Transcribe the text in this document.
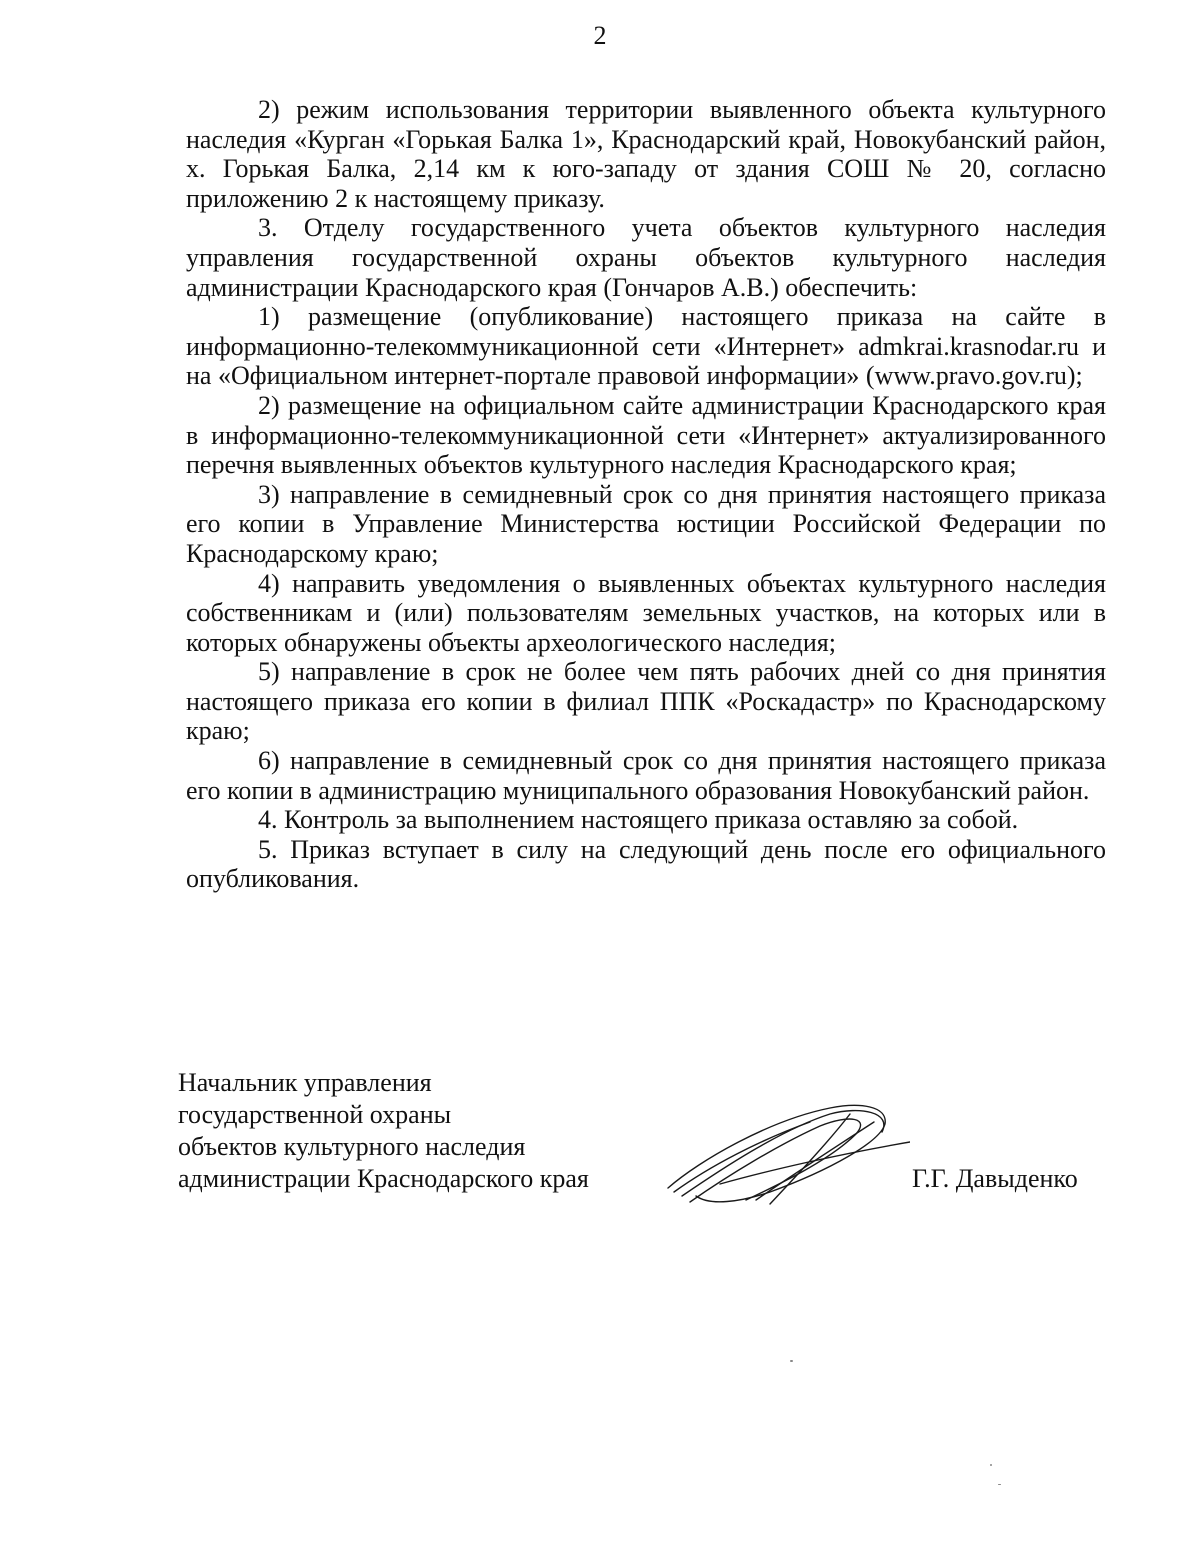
2

2) режим использования территории выявленного объекта культурного наследия «Курган «Горькая Балка 1», Краснодарский край, Новокубанский район, х. Горькая Балка, 2,14 км к юго-западу от здания СОШ № 20, согласно приложению 2 к настоящему приказу.

3. Отделу государственного учета объектов культурного наследия управления государственной охраны объектов культурного наследия администрации Краснодарского края (Гончаров А.В.) обеспечить:

1) размещение (опубликование) настоящего приказа на сайте в информационно-телекоммуникационной сети «Интернет» admkrai.krasnodar.ru и на «Официальном интернет-портале правовой информации» (www.pravo.gov.ru);

2) размещение на официальном сайте администрации Краснодарского края в информационно-телекоммуникационной сети «Интернет» актуализированного перечня выявленных объектов культурного наследия Краснодарского края;

3) направление в семидневный срок со дня принятия настоящего приказа его копии в Управление Министерства юстиции Российской Федерации по Краснодарскому краю;

4) направить уведомления о выявленных объектах культурного наследия собственникам и (или) пользователям земельных участков, на которых или в которых обнаружены объекты археологического наследия;

5) направление в срок не более чем пять рабочих дней со дня принятия настоящего приказа его копии в филиал ППК «Роскадастр» по Краснодарскому краю;

6) направление в семидневный срок со дня принятия настоящего приказа его копии в администрацию муниципального образования Новокубанский район.

4. Контроль за выполнением настоящего приказа оставляю за собой.

5. Приказ вступает в силу на следующий день после его официального опубликования.

Начальник управления
государственной охраны
объектов культурного наследия
администрации Краснодарского края	Г.Г. Давыденко
